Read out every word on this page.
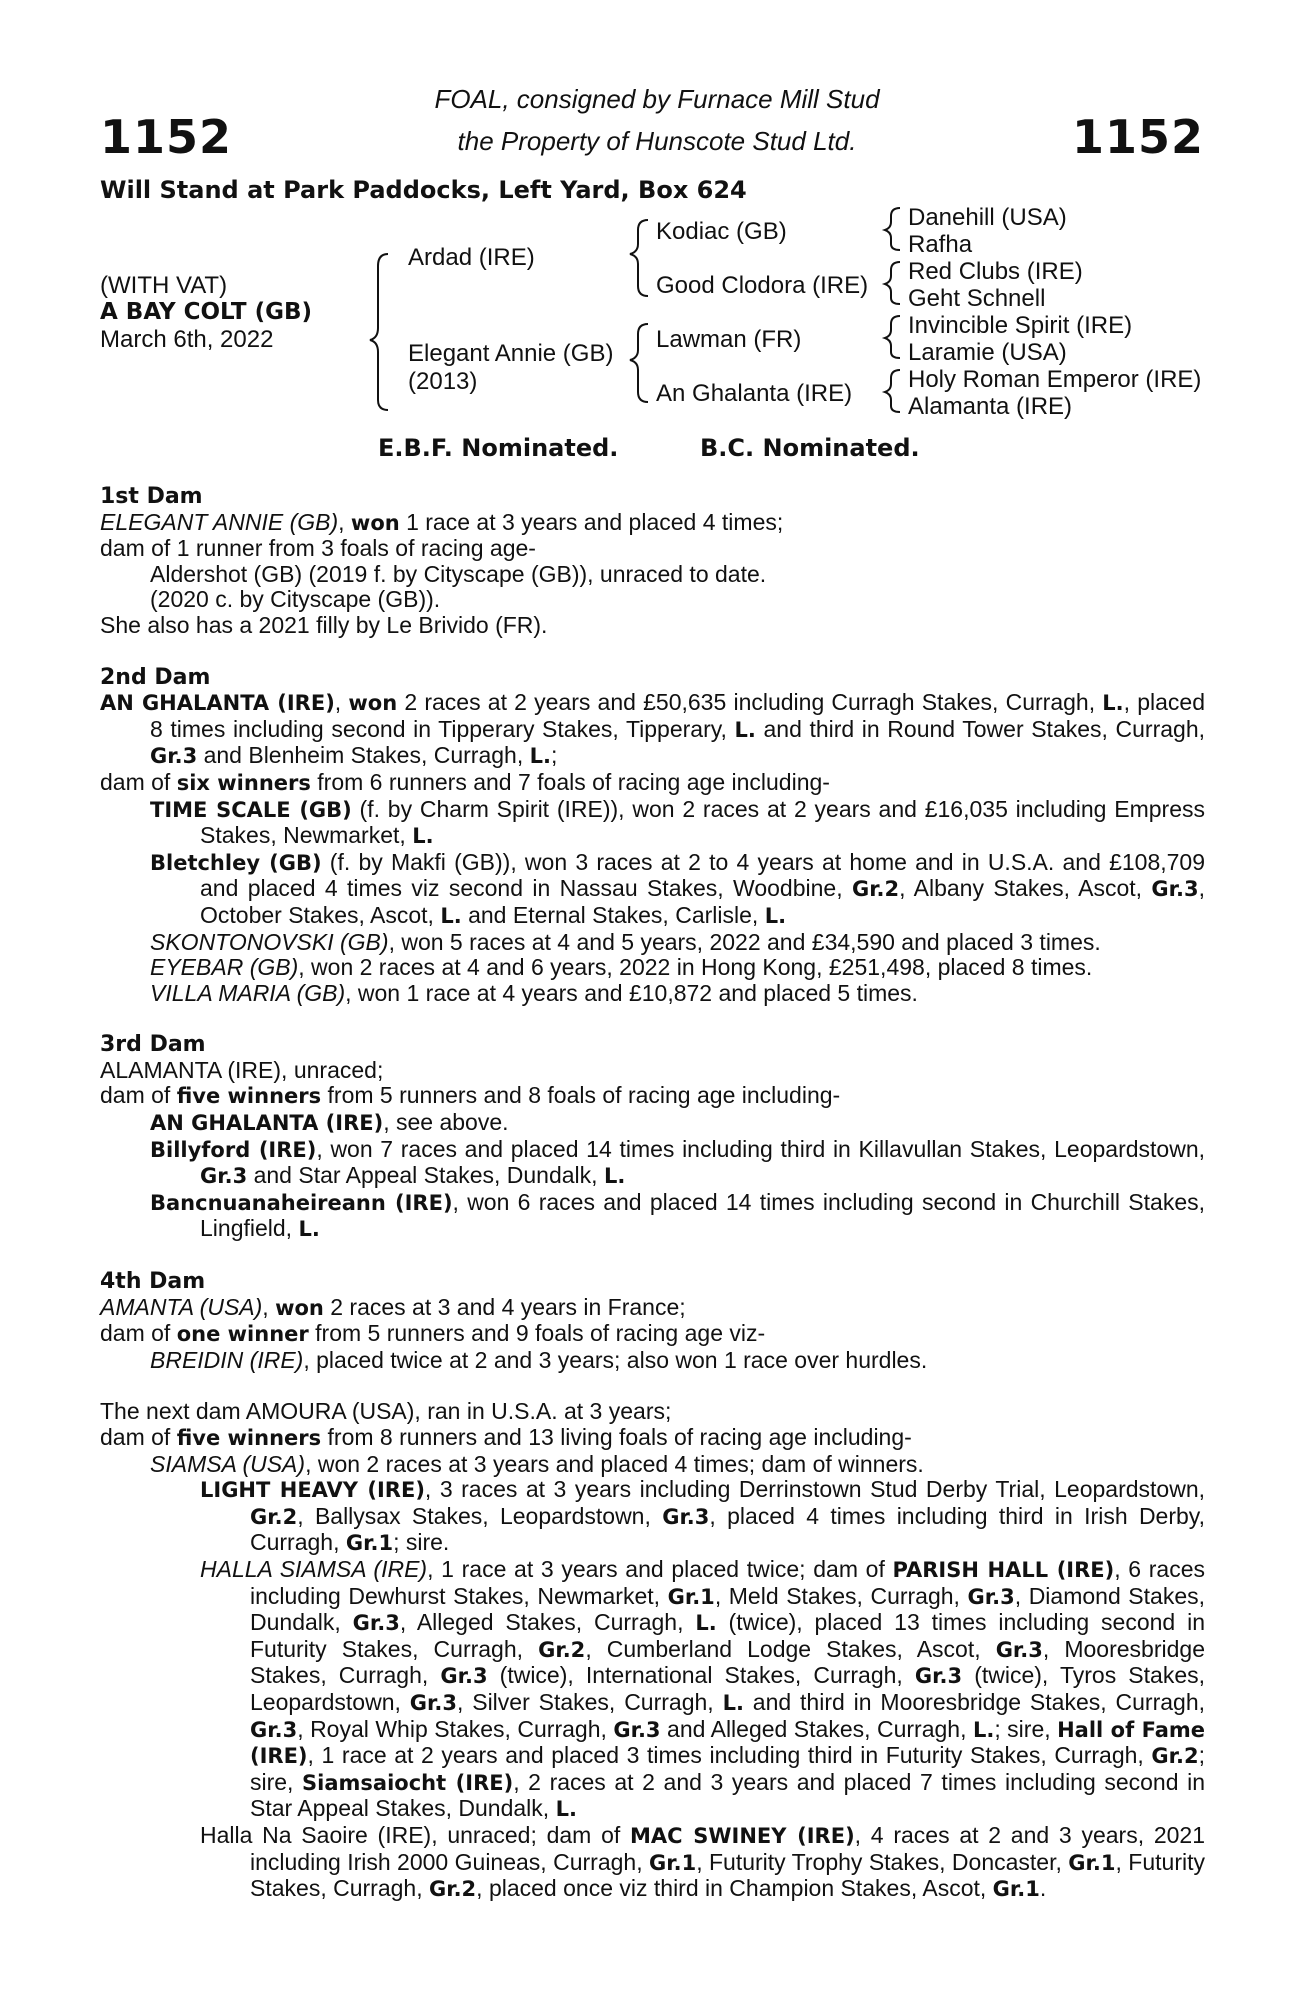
1152	1152
FOAL, consigned by Furnace Mill Stud
the Property of Hunscote Stud Ltd.
Will Stand at Park Paddocks, Left Yard, Box 624
(WITH VAT)
A BAY COLT (GB)
March 6th, 2022
Ardad (IRE)
Elegant Annie (GB)
(2013)
Kodiac (GB)
Good Clodora (IRE)
Lawman (FR)
An Ghalanta (IRE)
Danehill (USA)
Rafha
Red Clubs (IRE)
Geht Schnell
Invincible Spirit (IRE)
Laramie (USA)
Holy Roman Emperor (IRE)
Alamanta (IRE)
E.B.F. Nominated.	B.C. Nominated.
1st Dam

ELEGANT ANNIE (GB), won 1 race at 3 years and placed 4 times;

dam of 1 runner from 3 foals of racing age-

Aldershot (GB) (2019 f. by Cityscape (GB)), unraced to date.

(2020 c. by Cityscape (GB)).

She also has a 2021 filly by Le Brivido (FR).

2nd Dam

AN GHALANTA (IRE), won 2 races at 2 years and £50,635 including Curragh Stakes, Curragh, L., placed 8 times including second in Tipperary Stakes, Tipperary, L. and third in Round Tower Stakes, Curragh, Gr.3 and Blenheim Stakes, Curragh, L.;

dam of six winners from 6 runners and 7 foals of racing age including-

TIME SCALE (GB) (f. by Charm Spirit (IRE)), won 2 races at 2 years and £16,035 including Empress Stakes, Newmarket, L.

Bletchley (GB) (f. by Makfi (GB)), won 3 races at 2 to 4 years at home and in U.S.A. and £108,709 and placed 4 times viz second in Nassau Stakes, Woodbine, Gr.2, Albany Stakes, Ascot, Gr.3, October Stakes, Ascot, L. and Eternal Stakes, Carlisle, L.

SKONTONOVSKI (GB), won 5 races at 4 and 5 years, 2022 and £34,590 and placed 3 times.

EYEBAR (GB), won 2 races at 4 and 6 years, 2022 in Hong Kong, £251,498, placed 8 times.

VILLA MARIA (GB), won 1 race at 4 years and £10,872 and placed 5 times.

3rd Dam

ALAMANTA (IRE), unraced;

dam of five winners from 5 runners and 8 foals of racing age including-

AN GHALANTA (IRE), see above.

Billyford (IRE), won 7 races and placed 14 times including third in Killavullan Stakes, Leopardstown, Gr.3 and Star Appeal Stakes, Dundalk, L.

Bancnuanaheireann (IRE), won 6 races and placed 14 times including second in Churchill Stakes, Lingfield, L.

4th Dam

AMANTA (USA), won 2 races at 3 and 4 years in France;

dam of one winner from 5 runners and 9 foals of racing age viz-

BREIDIN (IRE), placed twice at 2 and 3 years; also won 1 race over hurdles.

The next dam AMOURA (USA), ran in U.S.A. at 3 years;

dam of five winners from 8 runners and 13 living foals of racing age including-

SIAMSA (USA), won 2 races at 3 years and placed 4 times; dam of winners.

LIGHT HEAVY (IRE), 3 races at 3 years including Derrinstown Stud Derby Trial, Leopardstown, Gr.2, Ballysax Stakes, Leopardstown, Gr.3, placed 4 times including third in Irish Derby, Curragh, Gr.1; sire.

HALLA SIAMSA (IRE), 1 race at 3 years and placed twice; dam of PARISH HALL (IRE), 6 races including Dewhurst Stakes, Newmarket, Gr.1, Meld Stakes, Curragh, Gr.3, Diamond Stakes, Dundalk, Gr.3, Alleged Stakes, Curragh, L. (twice), placed 13 times including second in Futurity Stakes, Curragh, Gr.2, Cumberland Lodge Stakes, Ascot, Gr.3, Mooresbridge Stakes, Curragh, Gr.3 (twice), International Stakes, Curragh, Gr.3 (twice), Tyros Stakes, Leopardstown, Gr.3, Silver Stakes, Curragh, L. and third in Mooresbridge Stakes, Curragh, Gr.3, Royal Whip Stakes, Curragh, Gr.3 and Alleged Stakes, Curragh, L.; sire, Hall of Fame (IRE), 1 race at 2 years and placed 3 times including third in Futurity Stakes, Curragh, Gr.2; sire, Siamsaiocht (IRE), 2 races at 2 and 3 years and placed 7 times including second in Star Appeal Stakes, Dundalk, L.

Halla Na Saoire (IRE), unraced; dam of MAC SWINEY (IRE), 4 races at 2 and 3 years, 2021 including Irish 2000 Guineas, Curragh, Gr.1, Futurity Trophy Stakes, Doncaster, Gr.1, Futurity Stakes, Curragh, Gr.2, placed once viz third in Champion Stakes, Ascot, Gr.1.
